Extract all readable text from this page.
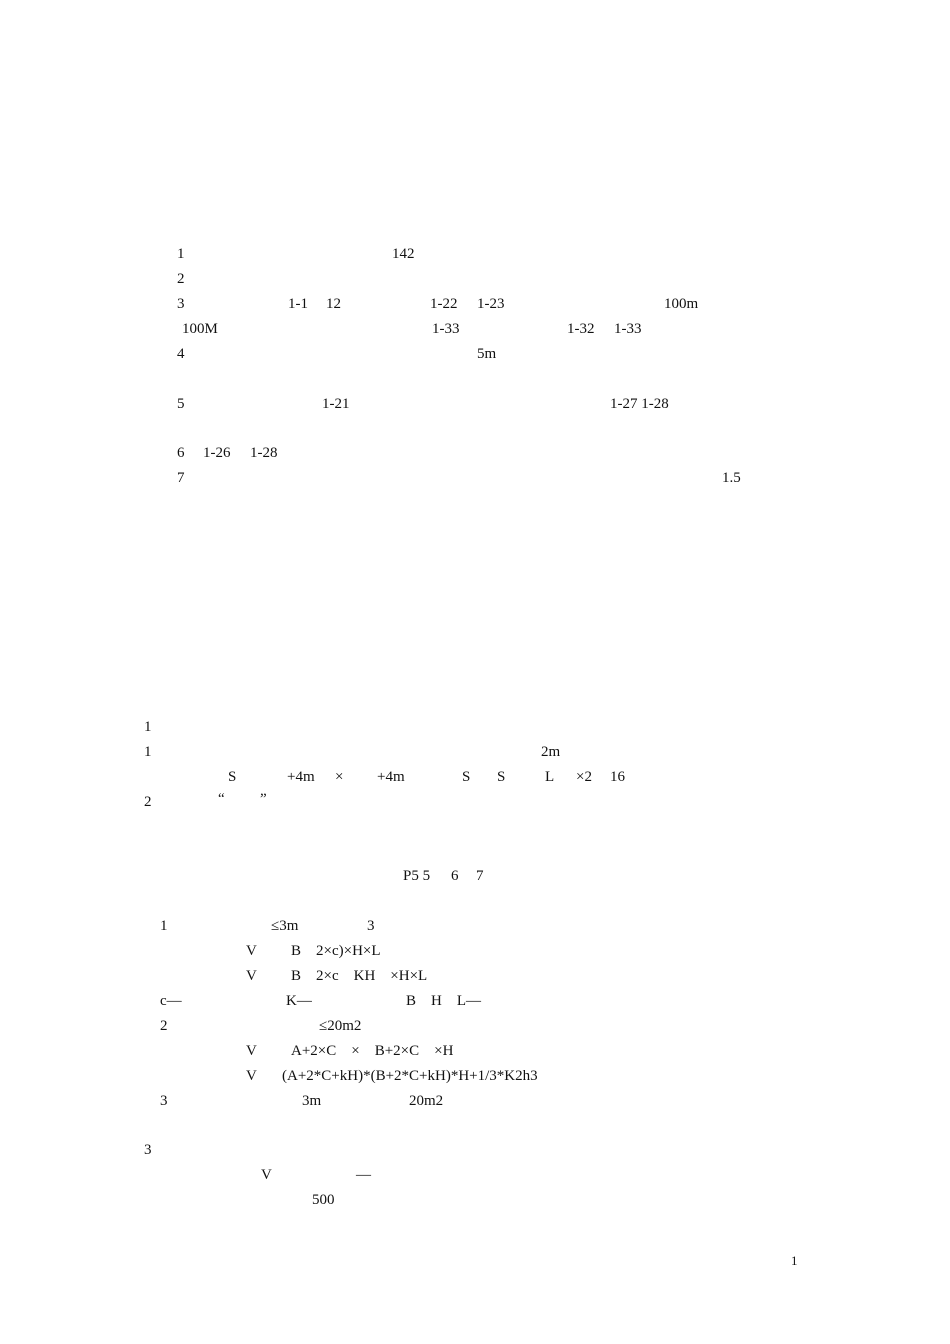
1	142
2
3	1-1 12	1-22 1-23	100m
100M	1-33	1-32 1-33
4	5m
5	1-21	1-27 1-28
6 1-26 1-28
7	1.5
1
1	2m
S	+4m × +4m	S S	L ×2 16
2	“ ”
P5 5 6 7
1	≤3m	3
V B    2×c)×H×L
V B    2×c    KH    ×H×L
c—	K—	B    H    L—
2	≤20m2
V A+2×C    ×    B+2×C    ×H
V (A+2*C+kH)*(B+2*C+kH)*H+1/3*K2h3
3	3m	20m2
3
V	—
500
1
